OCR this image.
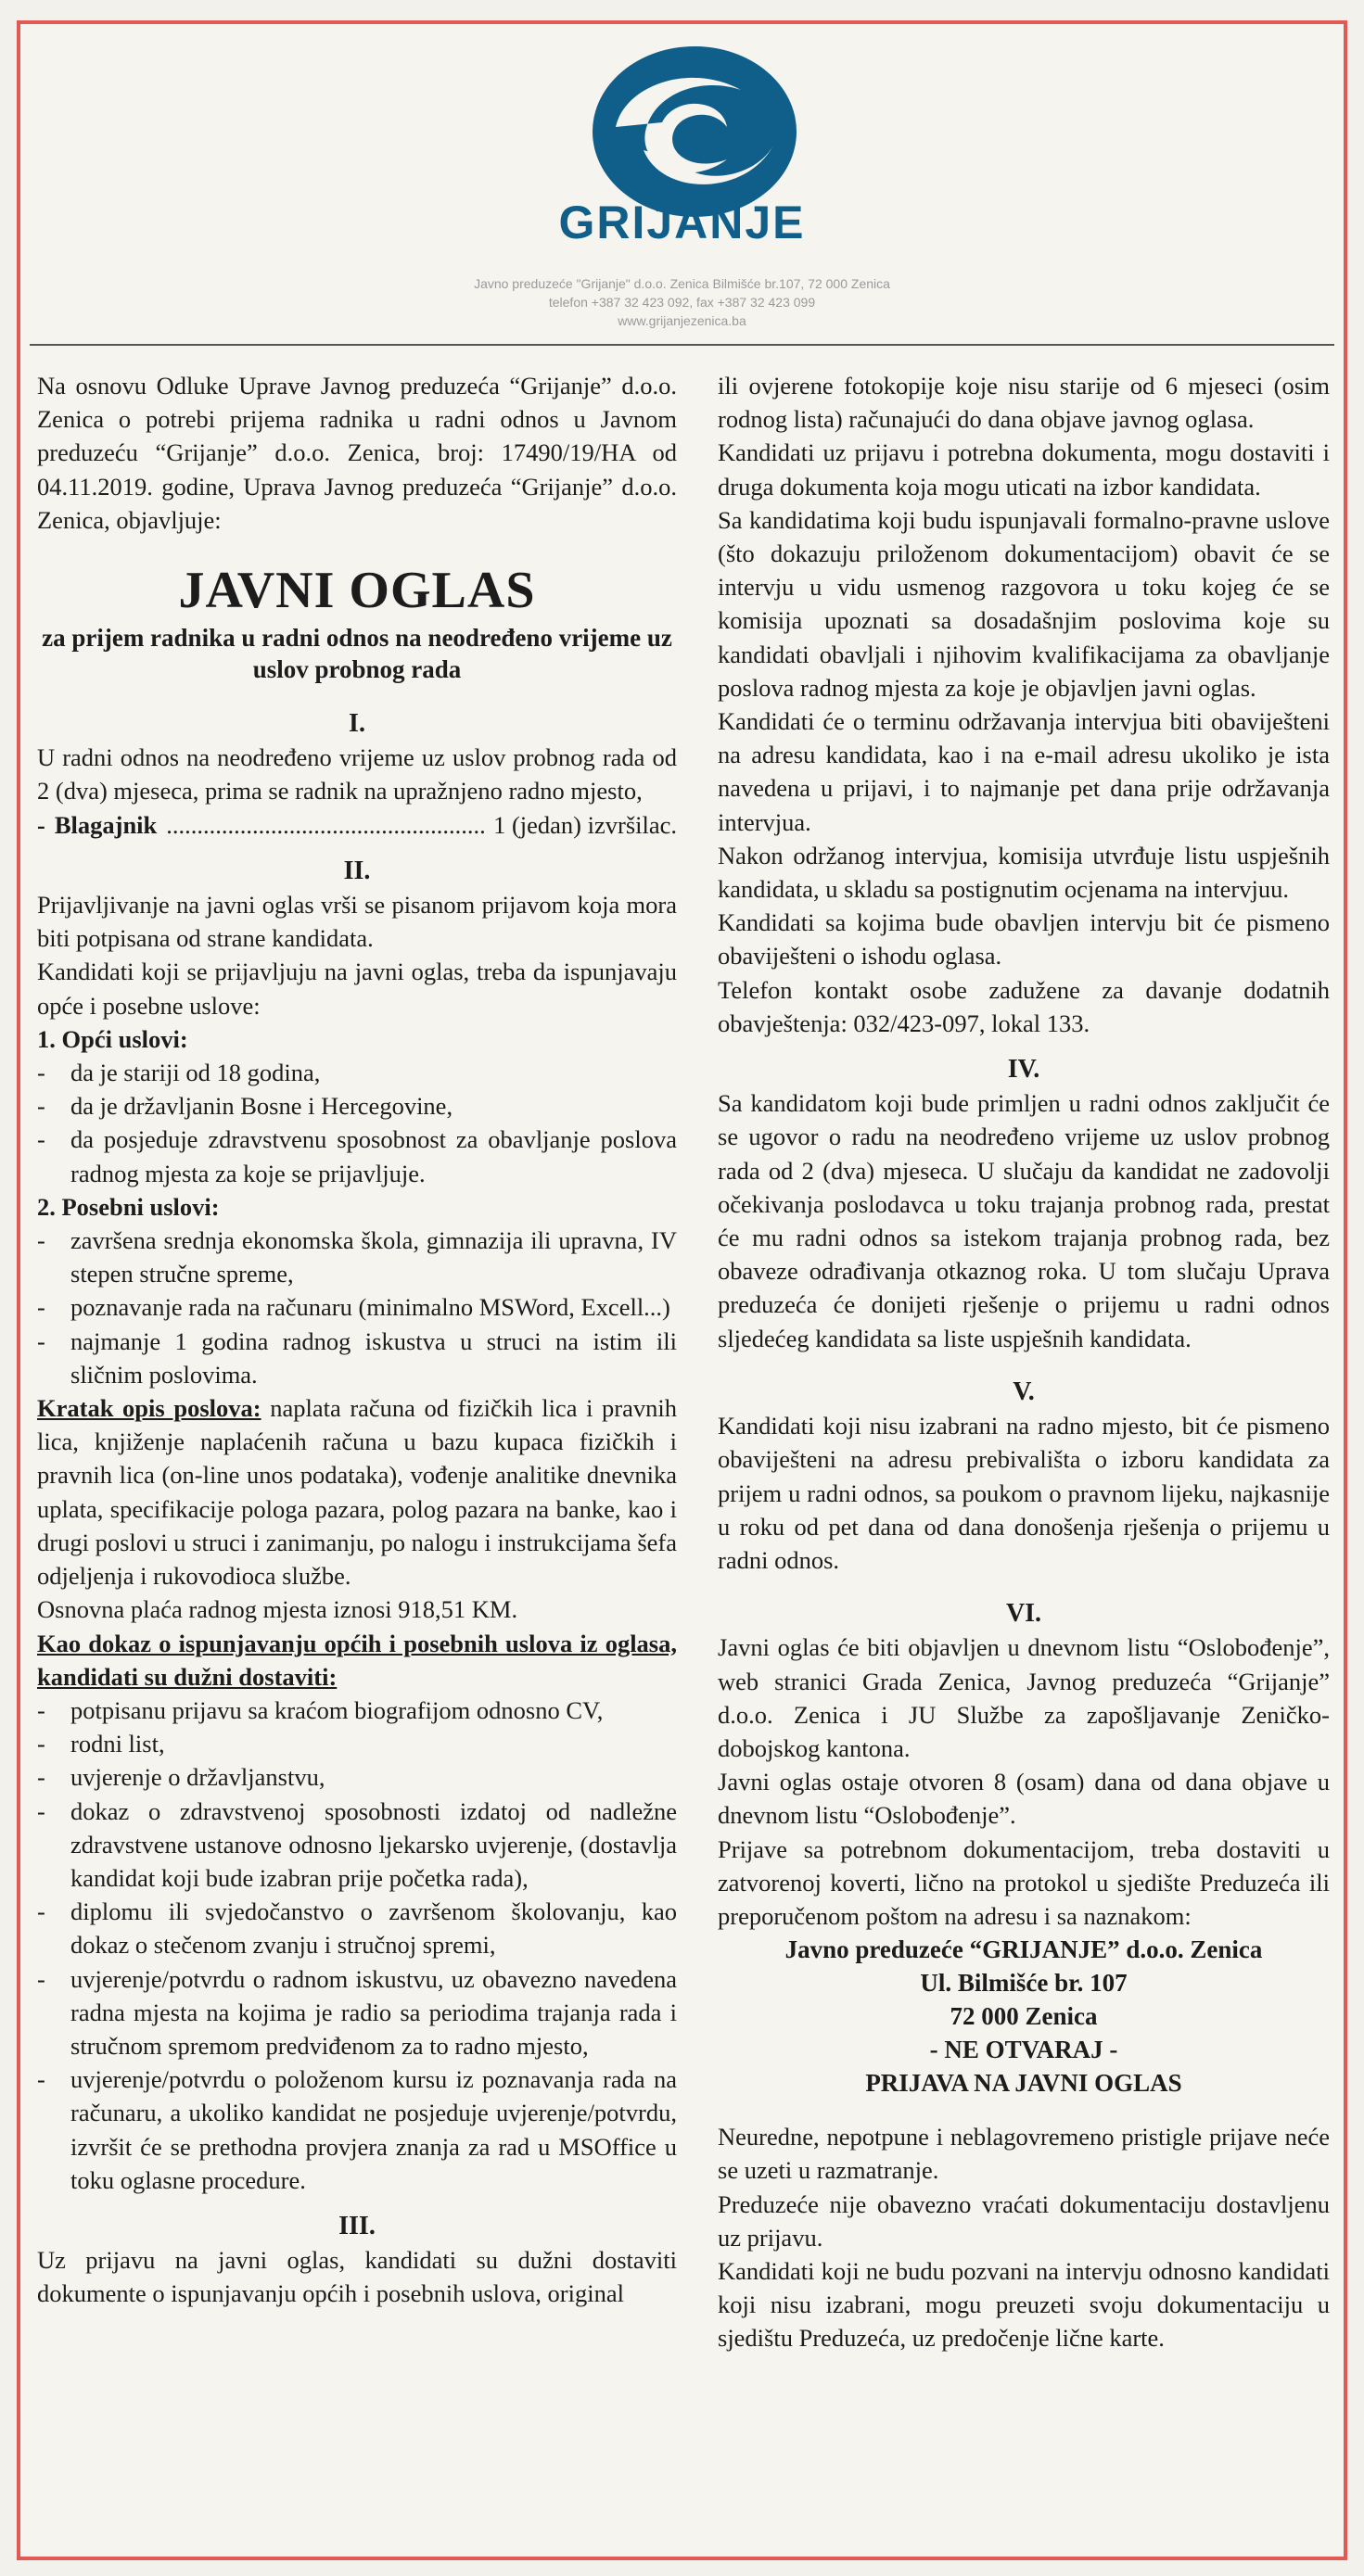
GRIJANJE
Javno preduzeće "Grijanje" d.o.o. Zenica Bilmišće br.107, 72 000 Zenica
telefon +387 32 423 092, fax +387 32 423 099
www.grijanjezenica.ba

Na osnovu Odluke Uprave Javnog preduzeća “Grijanje” d.o.o. Zenica o potrebi prijema radnika u radni odnos u Javnom preduzeću “Grijanje” d.o.o. Zenica, broj: 17490/19/HA od 04.11.2019. godine, Uprava Javnog preduzeća “Grijanje” d.o.o. Zenica, objavljuje:

JAVNI OGLAS
za prijem radnika u radni odnos na neodređeno vrijeme uz uslov probnog rada
I.

U radni odnos na neodređeno vrijeme uz uslov probnog rada od 2 (dva) mjeseca, prima se radnik na upražnjeno radno mjesto,

- Blagajnik
.....	1 (jedan) izvršilac.
II.

Prijavljivanje na javni oglas vrši se pisanom prijavom koja mora biti potpisana od strane kandidata.

Kandidati koji se prijavljuju na javni oglas, treba da ispunjavaju opće i posebne uslove:

1. Opći uslovi:

- da je stariji od 18 godina,
- da je državljanin Bosne i Hercegovine,
- da posjeduje zdravstvenu sposobnost za obavljanje poslova radnog mjesta za koje se prijavljuje.

2. Posebni uslovi:

- završena srednja ekonomska škola, gimnazija ili upravna, IV stepen stručne spreme,
- poznavanje rada na računaru (minimalno MSWord, Excell...)
- najmanje 1 godina radnog iskustva u struci na istim ili sličnim poslovima.

Kratak opis poslova: naplata računa od fizičkih lica i pravnih lica, knjiženje naplaćenih računa u bazu kupaca fizičkih i pravnih lica (on-line unos podataka), vođenje analitike dnevnika uplata, specifikacije pologa pazara, polog pazara na banke, kao i drugi poslovi u struci i zanimanju, po nalogu i instrukcijama šefa odjeljenja i rukovodioca službe.

Osnovna plaća radnog mjesta iznosi 918,51 KM.

Kao dokaz o ispunjavanju općih i posebnih uslova iz oglasa, kandidati su dužni dostaviti:

- potpisanu prijavu sa kraćom biografijom odnosno CV,
- rodni list,
- uvjerenje o državljanstvu,
- dokaz o zdravstvenoj sposobnosti izdatoj od nadležne zdravstvene ustanove odnosno ljekarsko uvjerenje, (dostavlja kandidat koji bude izabran prije početka rada),
- diplomu ili svjedočanstvo o završenom školovanju, kao dokaz o stečenom zvanju i stručnoj spremi,
- uvjerenje/potvrdu o radnom iskustvu, uz obavezno navedena radna mjesta na kojima je radio sa periodima trajanja rada i stručnom spremom predviđenom za to radno mjesto,
- uvjerenje/potvrdu o položenom kursu iz poznavanja rada na računaru, a ukoliko kandidat ne posjeduje uvjerenje/potvrdu, izvršit će se prethodna provjera znanja za rad u MSOffice u toku oglasne procedure.
III.

Uz prijavu na javni oglas, kandidati su dužni dostaviti dokumente o ispunjavanju općih i posebnih uslova, original

ili ovjerene fotokopije koje nisu starije od 6 mjeseci (osim rodnog lista) računajući do dana objave javnog oglasa.

Kandidati uz prijavu i potrebna dokumenta, mogu dostaviti i druga dokumenta koja mogu uticati na izbor kandidata.

Sa kandidatima koji budu ispunjavali formalno-pravne uslove (što dokazuju priloženom dokumentacijom) obavit će se intervju u vidu usmenog razgovora u toku kojeg će se komisija upoznati sa dosadašnjim poslovima koje su kandidati obavljali i njihovim kvalifikacijama za obavljanje poslova radnog mjesta za koje je objavljen javni oglas.

Kandidati će o terminu održavanja intervjua biti obaviješteni na adresu kandidata, kao i na e-mail adresu ukoliko je ista navedena u prijavi, i to najmanje pet dana prije održavanja intervjua.

Nakon održanog intervjua, komisija utvrđuje listu uspješnih kandidata, u skladu sa postignutim ocjenama na intervjuu.

Kandidati sa kojima bude obavljen intervju bit će pismeno obaviješteni o ishodu oglasa.

Telefon kontakt osobe zadužene za davanje dodatnih obavještenja: 032/423-097, lokal 133.

IV.

Sa kandidatom koji bude primljen u radni odnos zaključit će se ugovor o radu na neodređeno vrijeme uz uslov probnog rada od 2 (dva) mjeseca. U slučaju da kandidat ne zadovolji očekivanja poslodavca u toku trajanja probnog rada, prestat će mu radni odnos sa istekom trajanja probnog rada, bez obaveze odrađivanja otkaznog roka. U tom slučaju Uprava preduzeća će donijeti rješenje o prijemu u radni odnos sljedećeg kandidata sa liste uspješnih kandidata.

V.

Kandidati koji nisu izabrani na radno mjesto, bit će pismeno obaviješteni na adresu prebivališta o izboru kandidata za prijem u radni odnos, sa poukom o pravnom lijeku, najkasnije u roku od pet dana od dana donošenja rješenja o prijemu u radni odnos.

VI.

Javni oglas će biti objavljen u dnevnom listu “Oslobođenje”, web stranici Grada Zenica, Javnog preduzeća “Grijanje” d.o.o. Zenica i JU Službe za zapošljavanje Zeničko-dobojskog kantona.

Javni oglas ostaje otvoren 8 (osam) dana od dana objave u dnevnom listu “Oslobođenje”.

Prijave sa potrebnom dokumentacijom, treba dostaviti u zatvorenoj koverti, lično na protokol u sjedište Preduzeća ili preporučenom poštom na adresu i sa naznakom:

Javno preduzeće “GRIJANJE” d.o.o. Zenica
Ul. Bilmišće br. 107
72 000 Zenica
- NE OTVARAJ -
PRIJAVA NA JAVNI OGLAS

Neuredne, nepotpune i neblagovremeno pristigle prijave neće se uzeti u razmatranje.

Preduzeće nije obavezno vraćati dokumentaciju dostavljenu uz prijavu.

Kandidati koji ne budu pozvani na intervju odnosno kandidati koji nisu izabrani, mogu preuzeti svoju dokumentaciju u sjedištu Preduzeća, uz predočenje lične karte.
